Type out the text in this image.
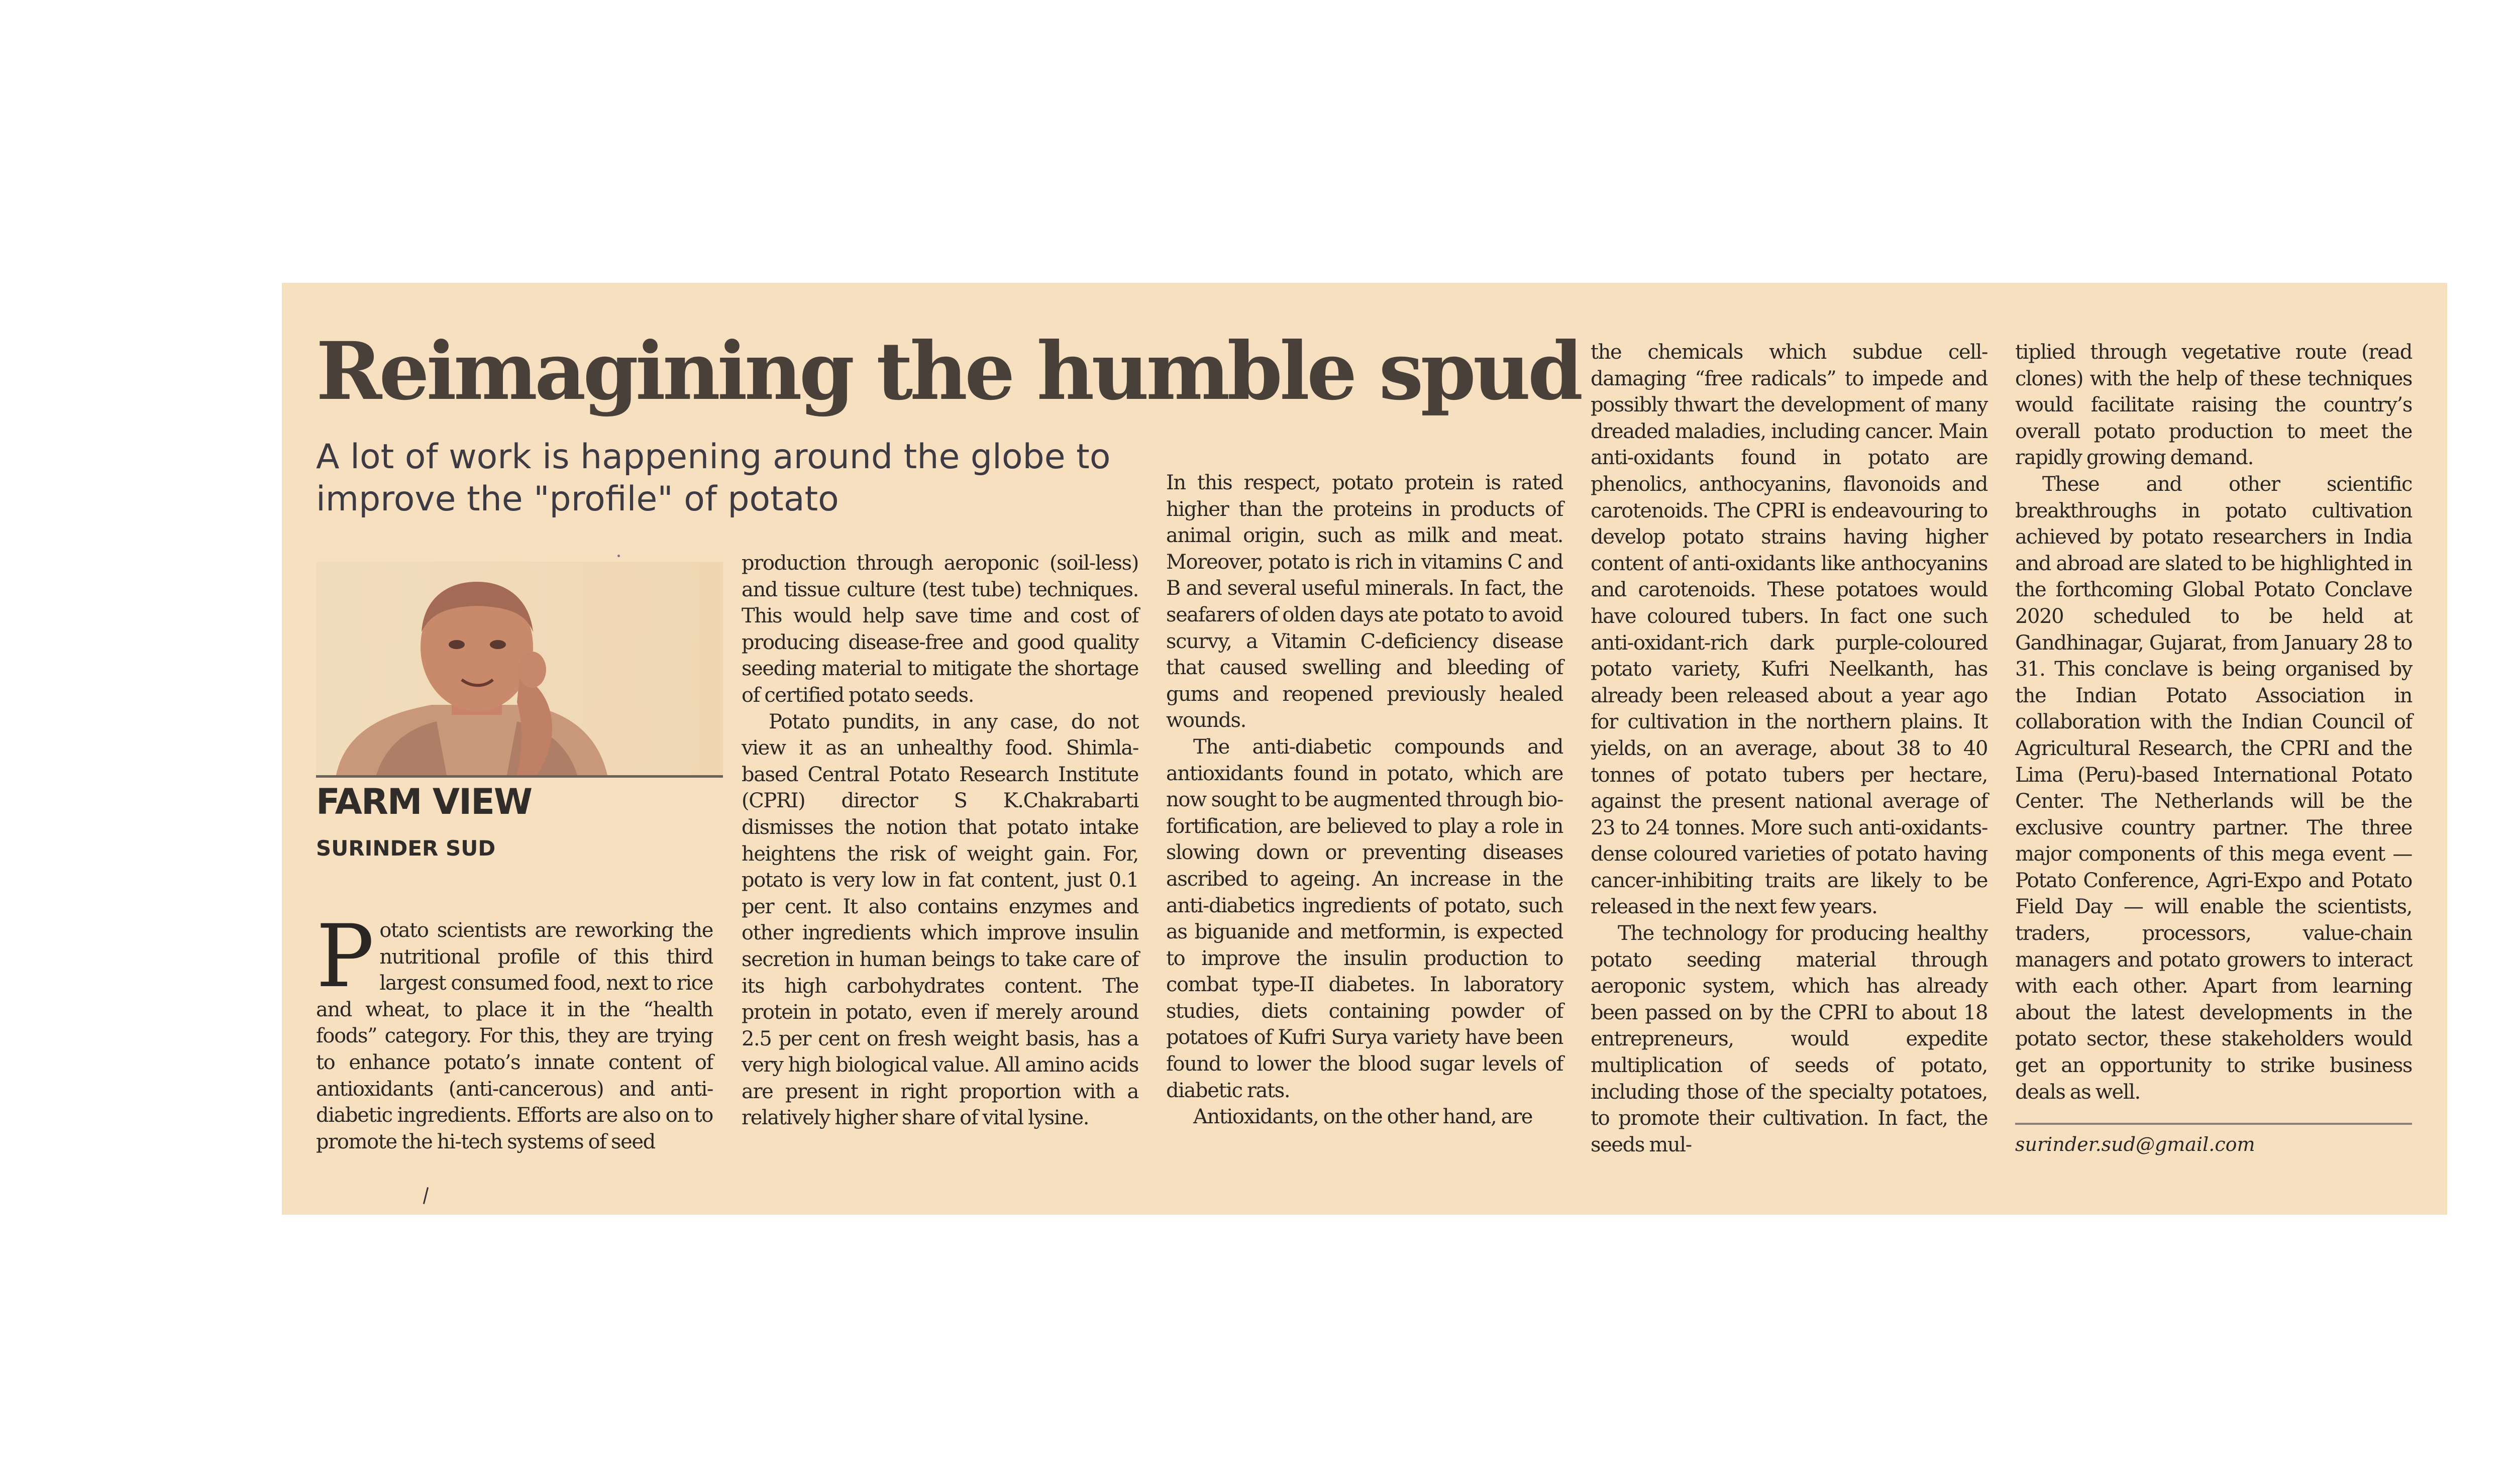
Reimagining the humble spud
A lot of work is happening around the globe to improve the "profile" of potato
FARM VIEW
SURINDER SUD

Potato scientists are reworking the nutritional profile of this third largest consumed food, next to rice and wheat, to place it in the “health foods” category. For this, they are trying to enhance potato’s innate content of antioxidants (anti-cancerous) and anti-diabetic ingredients. Efforts are also on to promote the hi-tech systems of seed

production through aeroponic (soil-less) and tissue culture (test tube) techniques. This would help save time and cost of producing disease-free and good quality seeding material to mitigate the shortage of certified potato seeds.

Potato pundits, in any case, do not view it as an unhealthy food. Shimla-based Central Potato Research Institute (CPRI) director S K.Chakrabarti dismisses the notion that potato intake heightens the risk of weight gain. For, potato is very low in fat content, just 0.1 per cent. It also contains enzymes and other ingredients which improve insulin secretion in human beings to take care of its high carbohydrates content. The protein in potato, even if merely around 2.5 per cent on fresh weight basis, has a very high biological value. All amino acids are present in right proportion with a relatively higher share of vital lysine.

In this respect, potato protein is rated higher than the proteins in products of animal origin, such as milk and meat. Moreover, potato is rich in vitamins C and B and several useful minerals. In fact, the seafarers of olden days ate potato to avoid scurvy, a Vitamin C-deficiency disease that caused swelling and bleeding of gums and reopened previously healed wounds.

The anti-diabetic compounds and antioxidants found in potato, which are now sought to be augmented through bio-fortification, are believed to play a role in slowing down or preventing diseases ascribed to ageing. An increase in the anti-diabetics ingredients of potato, such as biguanide and metformin, is expected to improve the insulin production to combat type-II diabetes. In laboratory studies, diets containing powder of potatoes of Kufri Surya variety have been found to lower the blood sugar levels of diabetic rats.

Antioxidants, on the other hand, are

the chemicals which subdue cell-damaging “free radicals” to impede and possibly thwart the development of many dreaded maladies, including cancer. Main anti-oxidants found in potato are phenolics, anthocyanins, flavonoids and carotenoids. The CPRI is endeavouring to develop potato strains having higher content of anti-oxidants like anthocyanins and carotenoids. These potatoes would have coloured tubers. In fact one such anti-oxidant-rich dark purple-coloured potato variety, Kufri Neelkanth, has already been released about a year ago for cultivation in the northern plains. It yields, on an average, about 38 to 40 tonnes of potato tubers per hectare, against the present national average of 23 to 24 tonnes. More such anti-oxidants-dense coloured varieties of potato having cancer-inhibiting traits are likely to be released in the next few years.

The technology for producing healthy potato seeding material through aeroponic system, which has already been passed on by the CPRI to about 18 entrepreneurs, would expedite multiplication of seeds of potato, including those of the specialty potatoes, to promote their cultivation. In fact, the seeds mul-

tiplied through vegetative route (read clones) with the help of these techniques would facilitate raising the country’s overall potato production to meet the rapidly growing demand.

These and other scientific breakthroughs in potato cultivation achieved by potato researchers in India and abroad are slated to be highlighted in the forthcoming Global Potato Conclave 2020 scheduled to be held at Gandhinagar, Gujarat, from January 28 to 31. This conclave is being organised by the Indian Potato Association in collaboration with the Indian Council of Agricultural Research, the CPRI and the Lima (Peru)-based International Potato Center. The Netherlands will be the exclusive country partner. The three major components of this mega event —Potato Conference, Agri-Expo and Potato Field Day — will enable the scientists, traders, processors, value-chain managers and potato growers to interact with each other. Apart from learning about the latest developments in the potato sector, these stakeholders would get an opportunity to strike business deals as well.

surinder.sud@gmail.com
